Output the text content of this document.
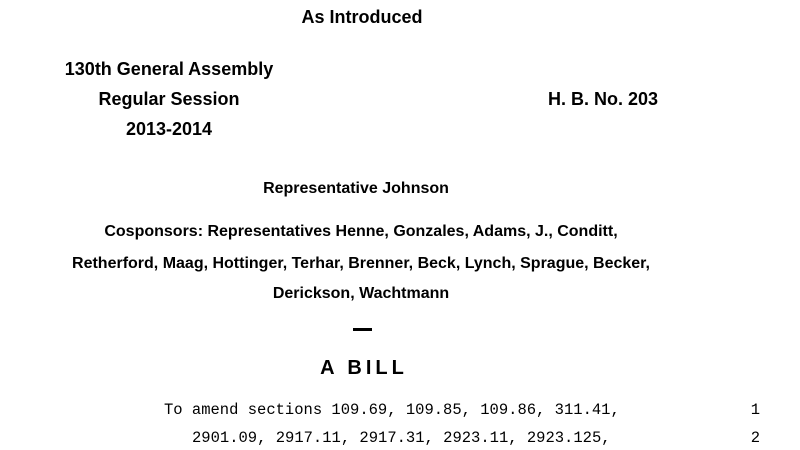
As Introduced
130th General Assembly
Regular Session
2013-2014
H. B. No. 203
Representative Johnson
Cosponsors: Representatives Henne, Gonzales, Adams, J., Conditt,
Retherford, Maag, Hottinger, Terhar, Brenner, Beck, Lynch, Sprague, Becker,
Derickson, Wachtmann
A BILL
To amend sections 109.69, 109.85, 109.86, 311.41,	1
2901.09, 2917.11, 2917.31, 2923.11, 2923.125,	2
